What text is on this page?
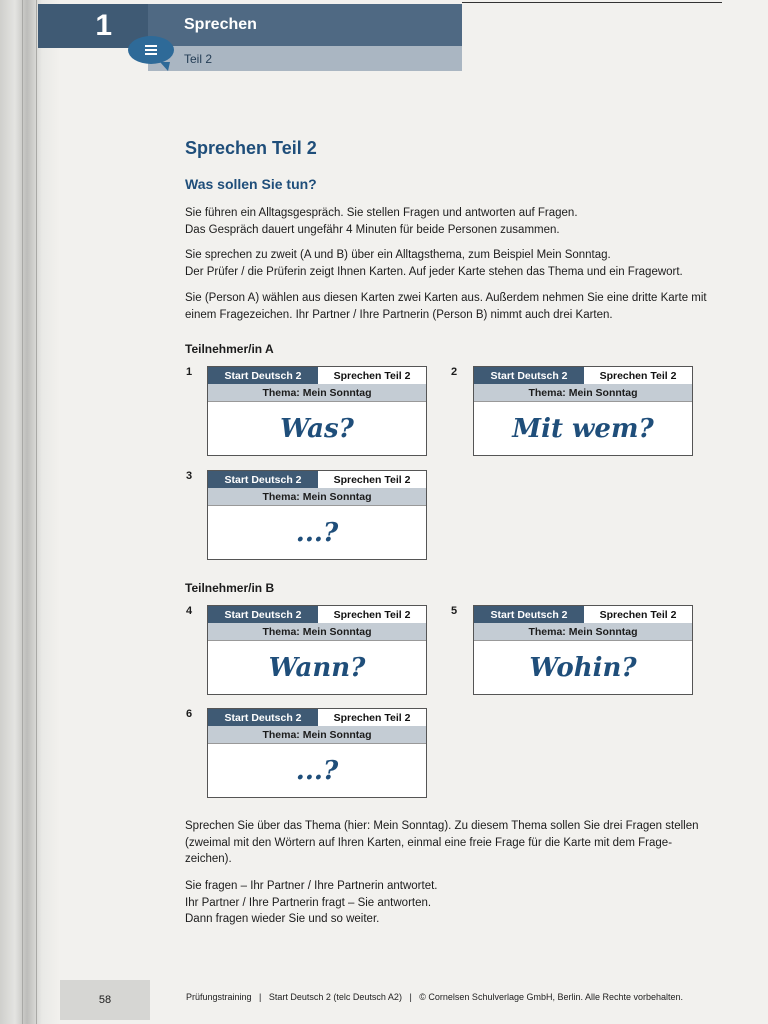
1	Sprechen
Teil 2
Sprechen Teil 2
Was sollen Sie tun?

Sie führen ein Alltagsgespräch. Sie stellen Fragen und antworten auf Fragen.

Das Gespräch dauert ungefähr 4 Minuten für beide Personen zusammen.

Sie sprechen zu zweit (A und B) über ein Alltagsthema, zum Beispiel Mein Sonntag.

Der Prüfer / die Prüferin zeigt Ihnen Karten. Auf jeder Karte stehen das Thema und ein Fragewort.

Sie (Person A) wählen aus diesen Karten zwei Karten aus. Außerdem nehmen Sie eine dritte Karte mit

einem Fragezeichen. Ihr Partner / Ihre Partnerin (Person B) nimmt auch drei Karten.

Teilnehmer/in A
Teilnehmer/in B
1	Start Deutsch 2	Sprechen Teil 2
Thema: Mein Sonntag
Was?
2	Start Deutsch 2	Sprechen Teil 2
Thema: Mein Sonntag
Mit wem?
3	Start Deutsch 2	Sprechen Teil 2
Thema: Mein Sonntag
...?
4	Start Deutsch 2	Sprechen Teil 2
Thema: Mein Sonntag
Wann?
5	Start Deutsch 2	Sprechen Teil 2
Thema: Mein Sonntag
Wohin?
6	Start Deutsch 2	Sprechen Teil 2
Thema: Mein Sonntag
...?

Sprechen Sie über das Thema (hier: Mein Sonntag). Zu diesem Thema sollen Sie drei Fragen stellen

(zweimal mit den Wörtern auf Ihren Karten, einmal eine freie Frage für die Karte mit dem Frage-

zeichen).

Sie fragen – Ihr Partner / Ihre Partnerin antwortet.

Ihr Partner / Ihre Partnerin fragt – Sie antworten.

Dann fragen wieder Sie und so weiter.

58	Prüfungstraining   |   Start Deutsch 2 (telc Deutsch A2)   |   © Cornelsen Schulverlage GmbH, Berlin. Alle Rechte vorbehalten.
